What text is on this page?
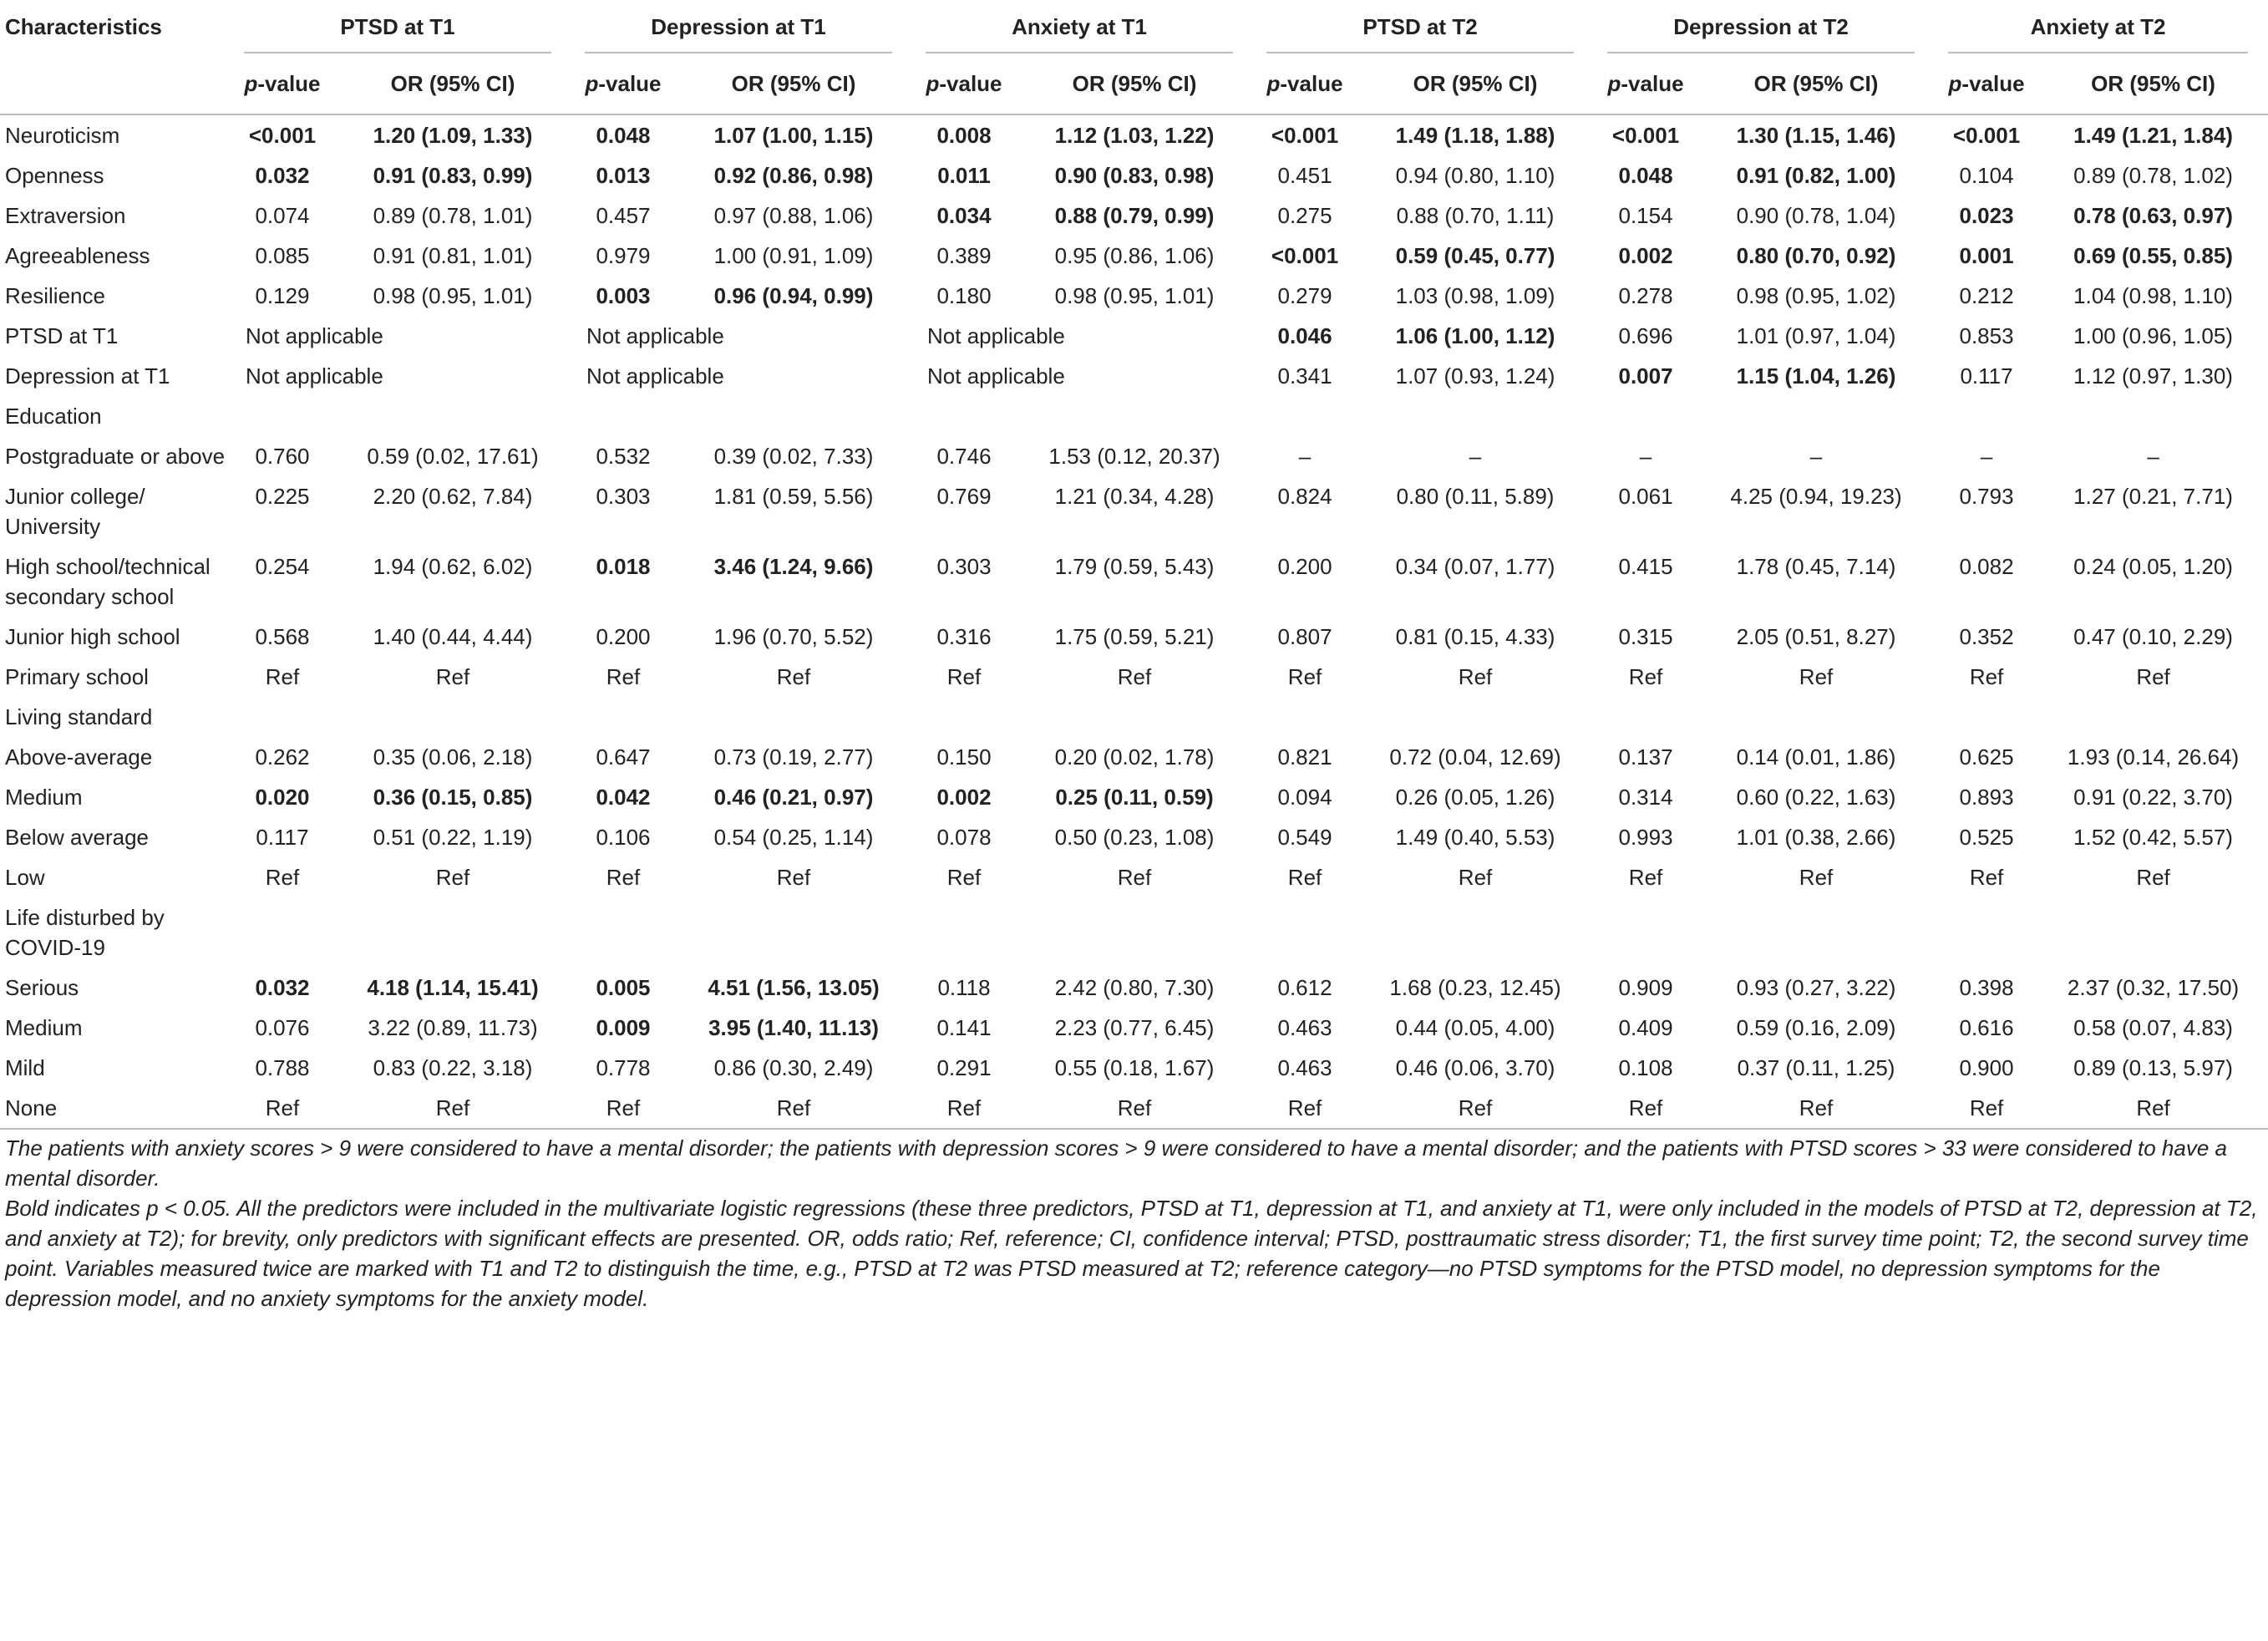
Characteristics	PTSD at T1		Depression at T1		Anxiety at T1		PTSD at T2		Depression at T2		Anxiety at T2	

	p-value	OR (95% CI)	p-value	OR (95% CI)	p-value	OR (95% CI)	p-value	OR (95% CI)	p-value	OR (95% CI)	p-value	OR (95% CI)
Neuroticism	<0.001	1.20 (1.09, 1.33)	0.048	1.07 (1.00, 1.15)	0.008	1.12 (1.03, 1.22)	<0.001	1.49 (1.18, 1.88)	<0.001	1.30 (1.15, 1.46)	<0.001	1.49 (1.21, 1.84)
Openness	0.032	0.91 (0.83, 0.99)	0.013	0.92 (0.86, 0.98)	0.011	0.90 (0.83, 0.98)	0.451	0.94 (0.80, 1.10)	0.048	0.91 (0.82, 1.00)	0.104	0.89 (0.78, 1.02)
Extraversion	0.074	0.89 (0.78, 1.01)	0.457	0.97 (0.88, 1.06)	0.034	0.88 (0.79, 0.99)	0.275	0.88 (0.70, 1.11)	0.154	0.90 (0.78, 1.04)	0.023	0.78 (0.63, 0.97)
Agreeableness	0.085	0.91 (0.81, 1.01)	0.979	1.00 (0.91, 1.09)	0.389	0.95 (0.86, 1.06)	<0.001	0.59 (0.45, 0.77)	0.002	0.80 (0.70, 0.92)	0.001	0.69 (0.55, 0.85)
Resilience	0.129	0.98 (0.95, 1.01)	0.003	0.96 (0.94, 0.99)	0.180	0.98 (0.95, 1.01)	0.279	1.03 (0.98, 1.09)	0.278	0.98 (0.95, 1.02)	0.212	1.04 (0.98, 1.10)
PTSD at T1	Not applicable		Not applicable		Not applicable		0.046	1.06 (1.00, 1.12)	0.696	1.01 (0.97, 1.04)	0.853	1.00 (0.96, 1.05)
Depression at T1	Not applicable		Not applicable		Not applicable		0.341	1.07 (0.93, 1.24)	0.007	1.15 (1.04, 1.26)	0.117	1.12 (0.97, 1.30)
Education												
Postgraduate or above	0.760	0.59 (0.02, 17.61)	0.532	0.39 (0.02, 7.33)	0.746	1.53 (0.12, 20.37)	–	–	–	–	–	–
Junior college/ University	0.225	2.20 (0.62, 7.84)	0.303	1.81 (0.59, 5.56)	0.769	1.21 (0.34, 4.28)	0.824	0.80 (0.11, 5.89)	0.061	4.25 (0.94, 19.23)	0.793	1.27 (0.21, 7.71)
High school/technical secondary school	0.254	1.94 (0.62, 6.02)	0.018	3.46 (1.24, 9.66)	0.303	1.79 (0.59, 5.43)	0.200	0.34 (0.07, 1.77)	0.415	1.78 (0.45, 7.14)	0.082	0.24 (0.05, 1.20)
Junior high school	0.568	1.40 (0.44, 4.44)	0.200	1.96 (0.70, 5.52)	0.316	1.75 (0.59, 5.21)	0.807	0.81 (0.15, 4.33)	0.315	2.05 (0.51, 8.27)	0.352	0.47 (0.10, 2.29)
Primary school	Ref	Ref	Ref	Ref	Ref	Ref	Ref	Ref	Ref	Ref	Ref	Ref
Living standard												
Above-average	0.262	0.35 (0.06, 2.18)	0.647	0.73 (0.19, 2.77)	0.150	0.20 (0.02, 1.78)	0.821	0.72 (0.04, 12.69)	0.137	0.14 (0.01, 1.86)	0.625	1.93 (0.14, 26.64)
Medium	0.020	0.36 (0.15, 0.85)	0.042	0.46 (0.21, 0.97)	0.002	0.25 (0.11, 0.59)	0.094	0.26 (0.05, 1.26)	0.314	0.60 (0.22, 1.63)	0.893	0.91 (0.22, 3.70)
Below average	0.117	0.51 (0.22, 1.19)	0.106	0.54 (0.25, 1.14)	0.078	0.50 (0.23, 1.08)	0.549	1.49 (0.40, 5.53)	0.993	1.01 (0.38, 2.66)	0.525	1.52 (0.42, 5.57)
Low	Ref	Ref	Ref	Ref	Ref	Ref	Ref	Ref	Ref	Ref	Ref	Ref
Life disturbed by COVID-19												
Serious	0.032	4.18 (1.14, 15.41)	0.005	4.51 (1.56, 13.05)	0.118	2.42 (0.80, 7.30)	0.612	1.68 (0.23, 12.45)	0.909	0.93 (0.27, 3.22)	0.398	2.37 (0.32, 17.50)
Medium	0.076	3.22 (0.89, 11.73)	0.009	3.95 (1.40, 11.13)	0.141	2.23 (0.77, 6.45)	0.463	0.44 (0.05, 4.00)	0.409	0.59 (0.16, 2.09)	0.616	0.58 (0.07, 4.83)
Mild	0.788	0.83 (0.22, 3.18)	0.778	0.86 (0.30, 2.49)	0.291	0.55 (0.18, 1.67)	0.463	0.46 (0.06, 3.70)	0.108	0.37 (0.11, 1.25)	0.900	0.89 (0.13, 5.97)
None	Ref	Ref	Ref	Ref	Ref	Ref	Ref	Ref	Ref	Ref	Ref	Ref

The patients with anxiety scores > 9 were considered to have a mental disorder; the patients with depression scores > 9 were considered to have a mental disorder; and the patients with PTSD scores > 33 were considered to have a mental disorder.

Bold indicates p < 0.05. All the predictors were included in the multivariate logistic regressions (these three predictors, PTSD at T1, depression at T1, and anxiety at T1, were only included in the models of PTSD at T2, depression at T2, and anxiety at T2); for brevity, only predictors with significant effects are presented. OR, odds ratio; Ref, reference; CI, confidence interval; PTSD, posttraumatic stress disorder; T1, the first survey time point; T2, the second survey time point. Variables measured twice are marked with T1 and T2 to distinguish the time, e.g., PTSD at T2 was PTSD measured at T2; reference category—no PTSD symptoms for the PTSD model, no depression symptoms for the depression model, and no anxiety symptoms for the anxiety model.
